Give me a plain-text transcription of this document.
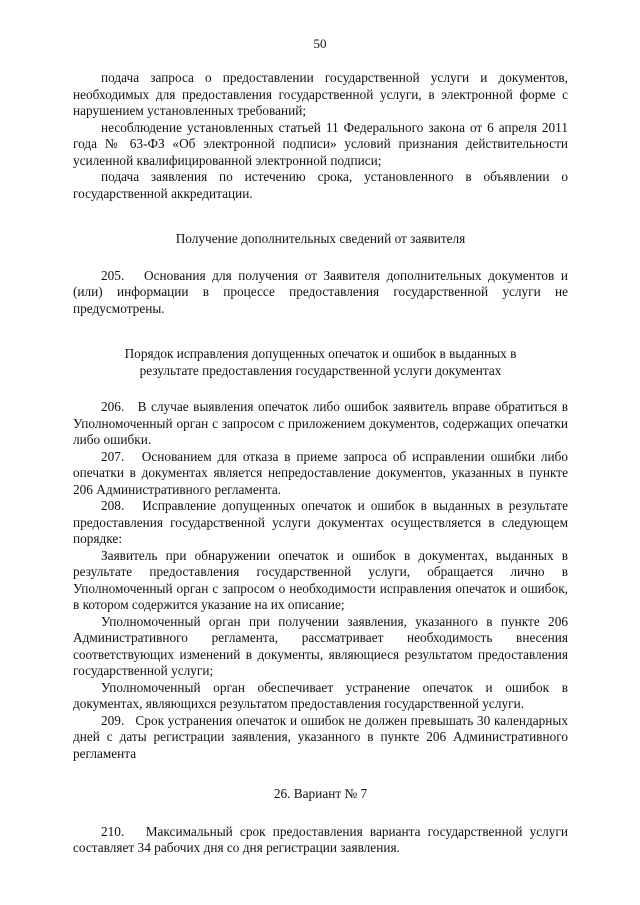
50

подача запроса о предоставлении государственной услуги и документов, необходимых для предоставления государственной услуги, в электронной форме с нарушением установленных требований;

несоблюдение установленных статьей 11 Федерального закона от 6 апреля 2011 года № 63-ФЗ «Об электронной подписи» условий признания действительности усиленной квалифицированной электронной подписи;

подача заявления по истечению срока, установленного в объявлении о государственной аккредитации.

Получение дополнительных сведений от заявителя

205.   Основания для получения от Заявителя дополнительных документов и (или) информации в процессе предоставления государственной услуги не предусмотрены.

Порядок исправления допущенных опечаток и ошибок в выданных в
результате предоставления государственной услуги документах

206.   В случае выявления опечаток либо ошибок заявитель вправе обратиться в Уполномоченный орган с запросом с приложением документов, содержащих опечатки либо ошибки.

207.   Основанием для отказа в приеме запроса об исправлении ошибки либо опечатки в документах является непредоставление документов, указанных в пункте 206 Административного регламента.

208.   Исправление допущенных опечаток и ошибок в выданных в результате предоставления государственной услуги документах осуществляется в следующем порядке:

Заявитель при обнаружении опечаток и ошибок в документах, выданных в результате предоставления государственной услуги, обращается лично в Уполномоченный орган с запросом о необходимости исправления опечаток и ошибок, в котором содержится указание на их описание;

Уполномоченный орган при получении заявления, указанного в пункте 206 Административного регламента, рассматривает необходимость внесения соответствующих изменений в документы, являющиеся результатом предоставления государственной услуги;

Уполномоченный орган обеспечивает устранение опечаток и ошибок в документах, являющихся результатом предоставления государственной услуги.

209.   Срок устранения опечаток и ошибок не должен превышать 30 календарных дней с даты регистрации заявления, указанного в пункте 206 Административного регламента

26. Вариант № 7

210.   Максимальный срок предоставления варианта государственной услуги составляет 34 рабочих дня со дня регистрации заявления.
